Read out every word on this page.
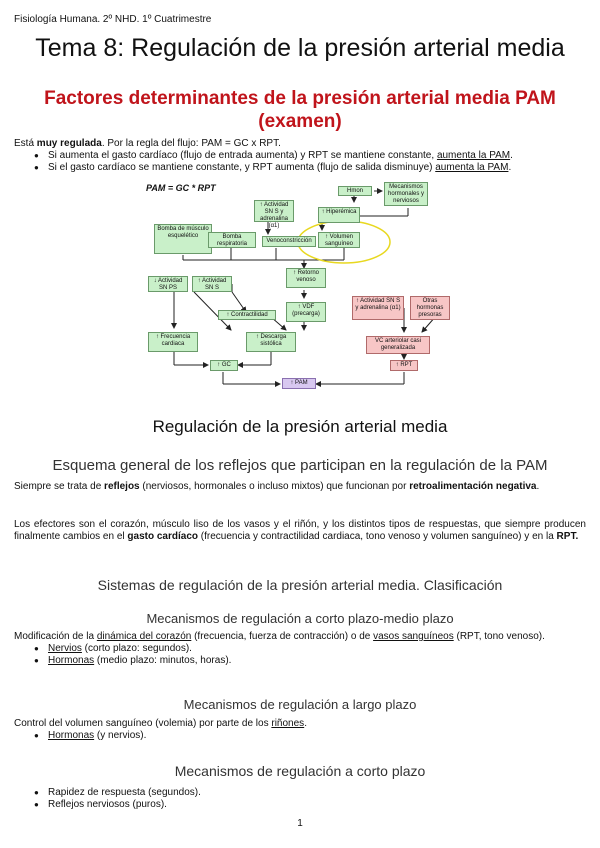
Fisiología Humana. 2º NHD. 1º Cuatrimestre
Tema 8: Regulación de la presión arterial media
Factores determinantes de la presión arterial media PAM (examen)

Está muy regulada. Por la regla del flujo: PAM = GC x RPT.

● Si aumenta el gasto cardíaco (flujo de entrada aumenta) y RPT se mantiene constante, aumenta la PAM.
● Si el gasto cardíaco se mantiene constante, y RPT aumenta (flujo de salida disminuye) aumenta la PAM.
PAM = GC * RPT
Bomba de músculo esquelético	Bomba respiratoria	Venoconstricción
↑ Actividad SN S y adrenalina (α1)
↑ Hiperémica
↑ Volumen sanguíneo
Hmon
Mecanismos hormonales y nerviosos
↑ Retorno venoso
↓ Actividad SN PS
↑ Actividad SN S
↑ Contractilidad
↑ VDF (precarga)
↑ Actividad SN S y adrenalina (α1)
Otras hormonas presoras
↑ Frecuencia cardiaca
↑ Descarga sistólica	VC arteriolar casi generalizada
↑ GC	↑ RPT
↑ PAM
Regulación de la presión arterial media
Esquema general de los reflejos que participan en la regulación de la PAM

Siempre se trata de reflejos (nerviosos, hormonales o incluso mixtos) que funcionan por retroalimentación negativa.

Los efectores son el corazón, músculo liso de los vasos y el riñón, y los distintos tipos de respuestas, que siempre producen finalmente cambios en el gasto cardíaco (frecuencia y contractilidad cardiaca, tono venoso y volumen sanguíneo) y en la RPT.

Sistemas de regulación de la presión arterial media. Clasificación
Mecanismos de regulación a corto plazo-medio plazo

Modificación de la dinámica del corazón (frecuencia, fuerza de contracción) o de vasos sanguíneos (RPT, tono venoso).

● Nervios (corto plazo: segundos).
● Hormonas (medio plazo: minutos, horas).
Mecanismos de regulación a largo plazo

Control del volumen sanguíneo (volemia) por parte de los riñones.

● Hormonas (y nervios).
Mecanismos de regulación a corto plazo
● Rapidez de respuesta (segundos).
● Reflejos nerviosos (puros).
1
